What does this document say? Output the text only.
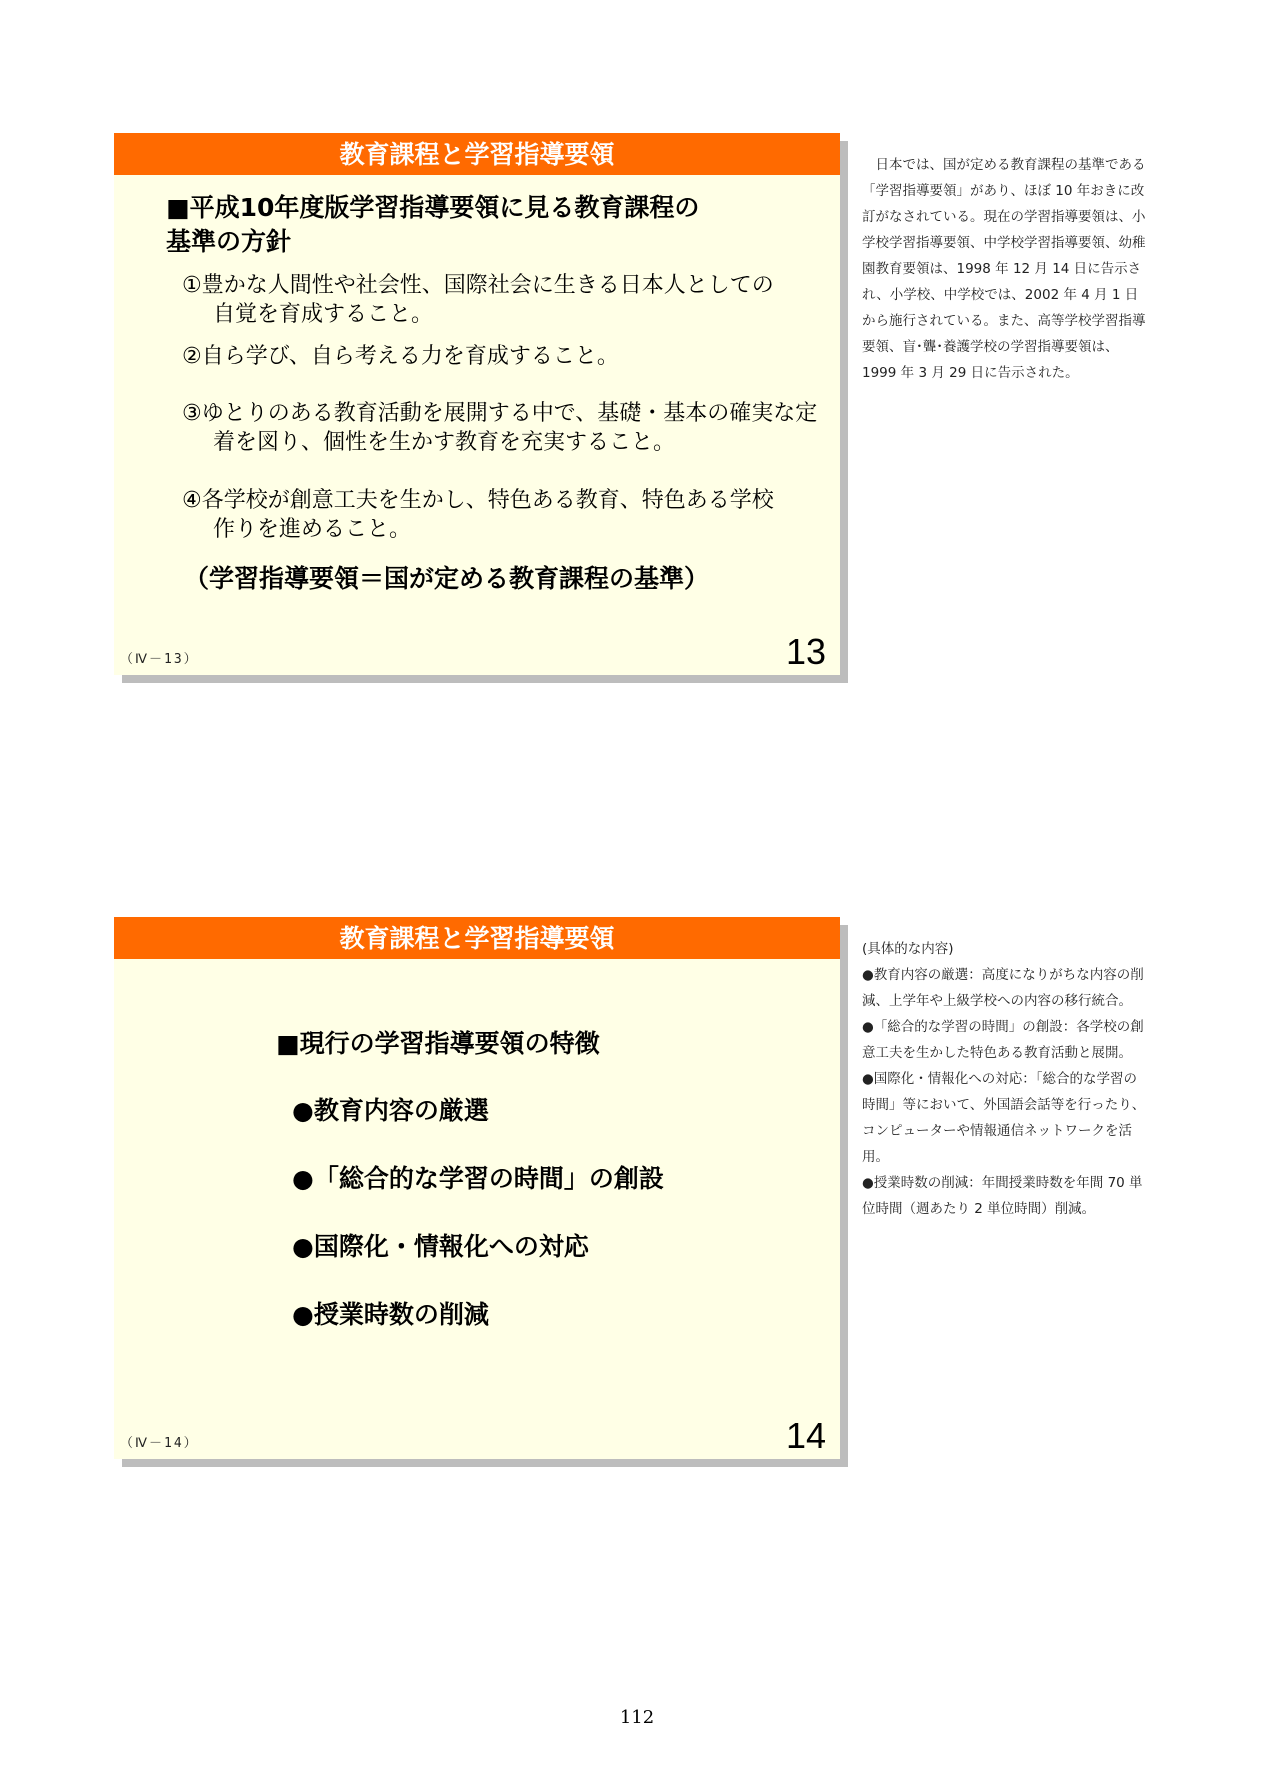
教育課程と学習指導要領
■平成10年度版学習指導要領に見る教育課程の
基準の方針
①豊かな人間性や社会性、国際社会に生きる日本人としての自覚を育成すること。
②自ら学び、自ら考える力を育成すること。
③ゆとりのある教育活動を展開する中で、基礎・基本の確実な定着を図り、個性を生かす教育を充実すること。
④各学校が創意工夫を生かし、特色ある教育、特色ある学校作りを進めること。
（学習指導要領＝国が定める教育課程の基準）
（Ⅳ－13）	13
日本では、国が定める教育課程の基準である「学習指導要領」があり、ほぼ 10 年おきに改訂がなされている。現在の学習指導要領は、小学校学習指導要領、中学校学習指導要領、幼稚園教育要領は、1998 年 12 月 14 日に告示され、小学校、中学校では、2002 年 4 月 1 日から施行されている。また、高等学校学習指導要領、盲･聾･養護学校の学習指導要領は、1999 年 3 月 29 日に告示された。
教育課程と学習指導要領
■現行の学習指導要領の特徴
●教育内容の厳選
●「総合的な学習の時間」の創設
●国際化・情報化への対応
●授業時数の削減
（Ⅳ－14）	14

(具体的な内容)

●教育内容の厳選：高度になりがちな内容の削減、上学年や上級学校への内容の移行統合。

●「総合的な学習の時間」の創設：各学校の創意工夫を生かした特色ある教育活動と展開。

●国際化・情報化への対応：「総合的な学習の時間」等において、外国語会話等を行ったり、コンピューターや情報通信ネットワークを活用。

●授業時数の削減：年間授業時数を年間 70 単位時間（週あたり 2 単位時間）削減。

112
